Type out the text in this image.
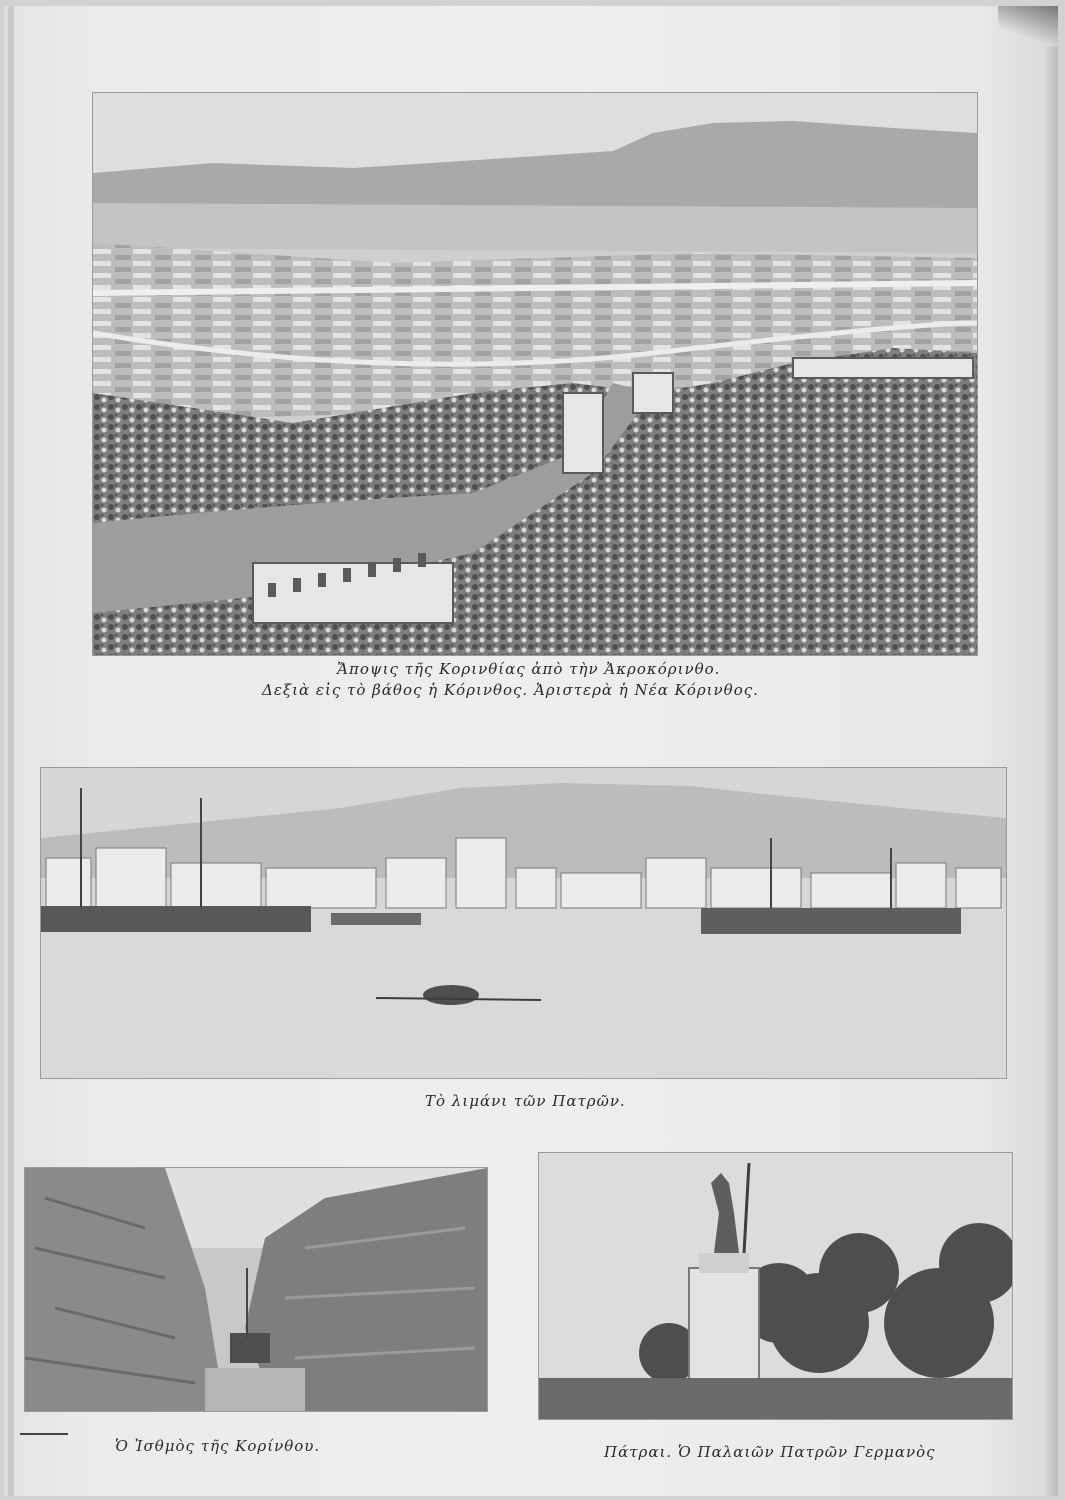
Ἄποψις τῆς Κορινθίας ἀπὸ τὴν Ἀκροκόρινθο.
Δεξιὰ εἰς τὸ βάθος ἡ Κόρινθος. Ἀριστερὰ ἡ Νέα Κόρινθος.
Τὸ λιμάνι τῶν Πατρῶν.
Ὁ Ἰσθμὸς τῆς Κορίνθου.	Πάτραι. Ὁ Παλαιῶν Πατρῶν Γερμανὸς
